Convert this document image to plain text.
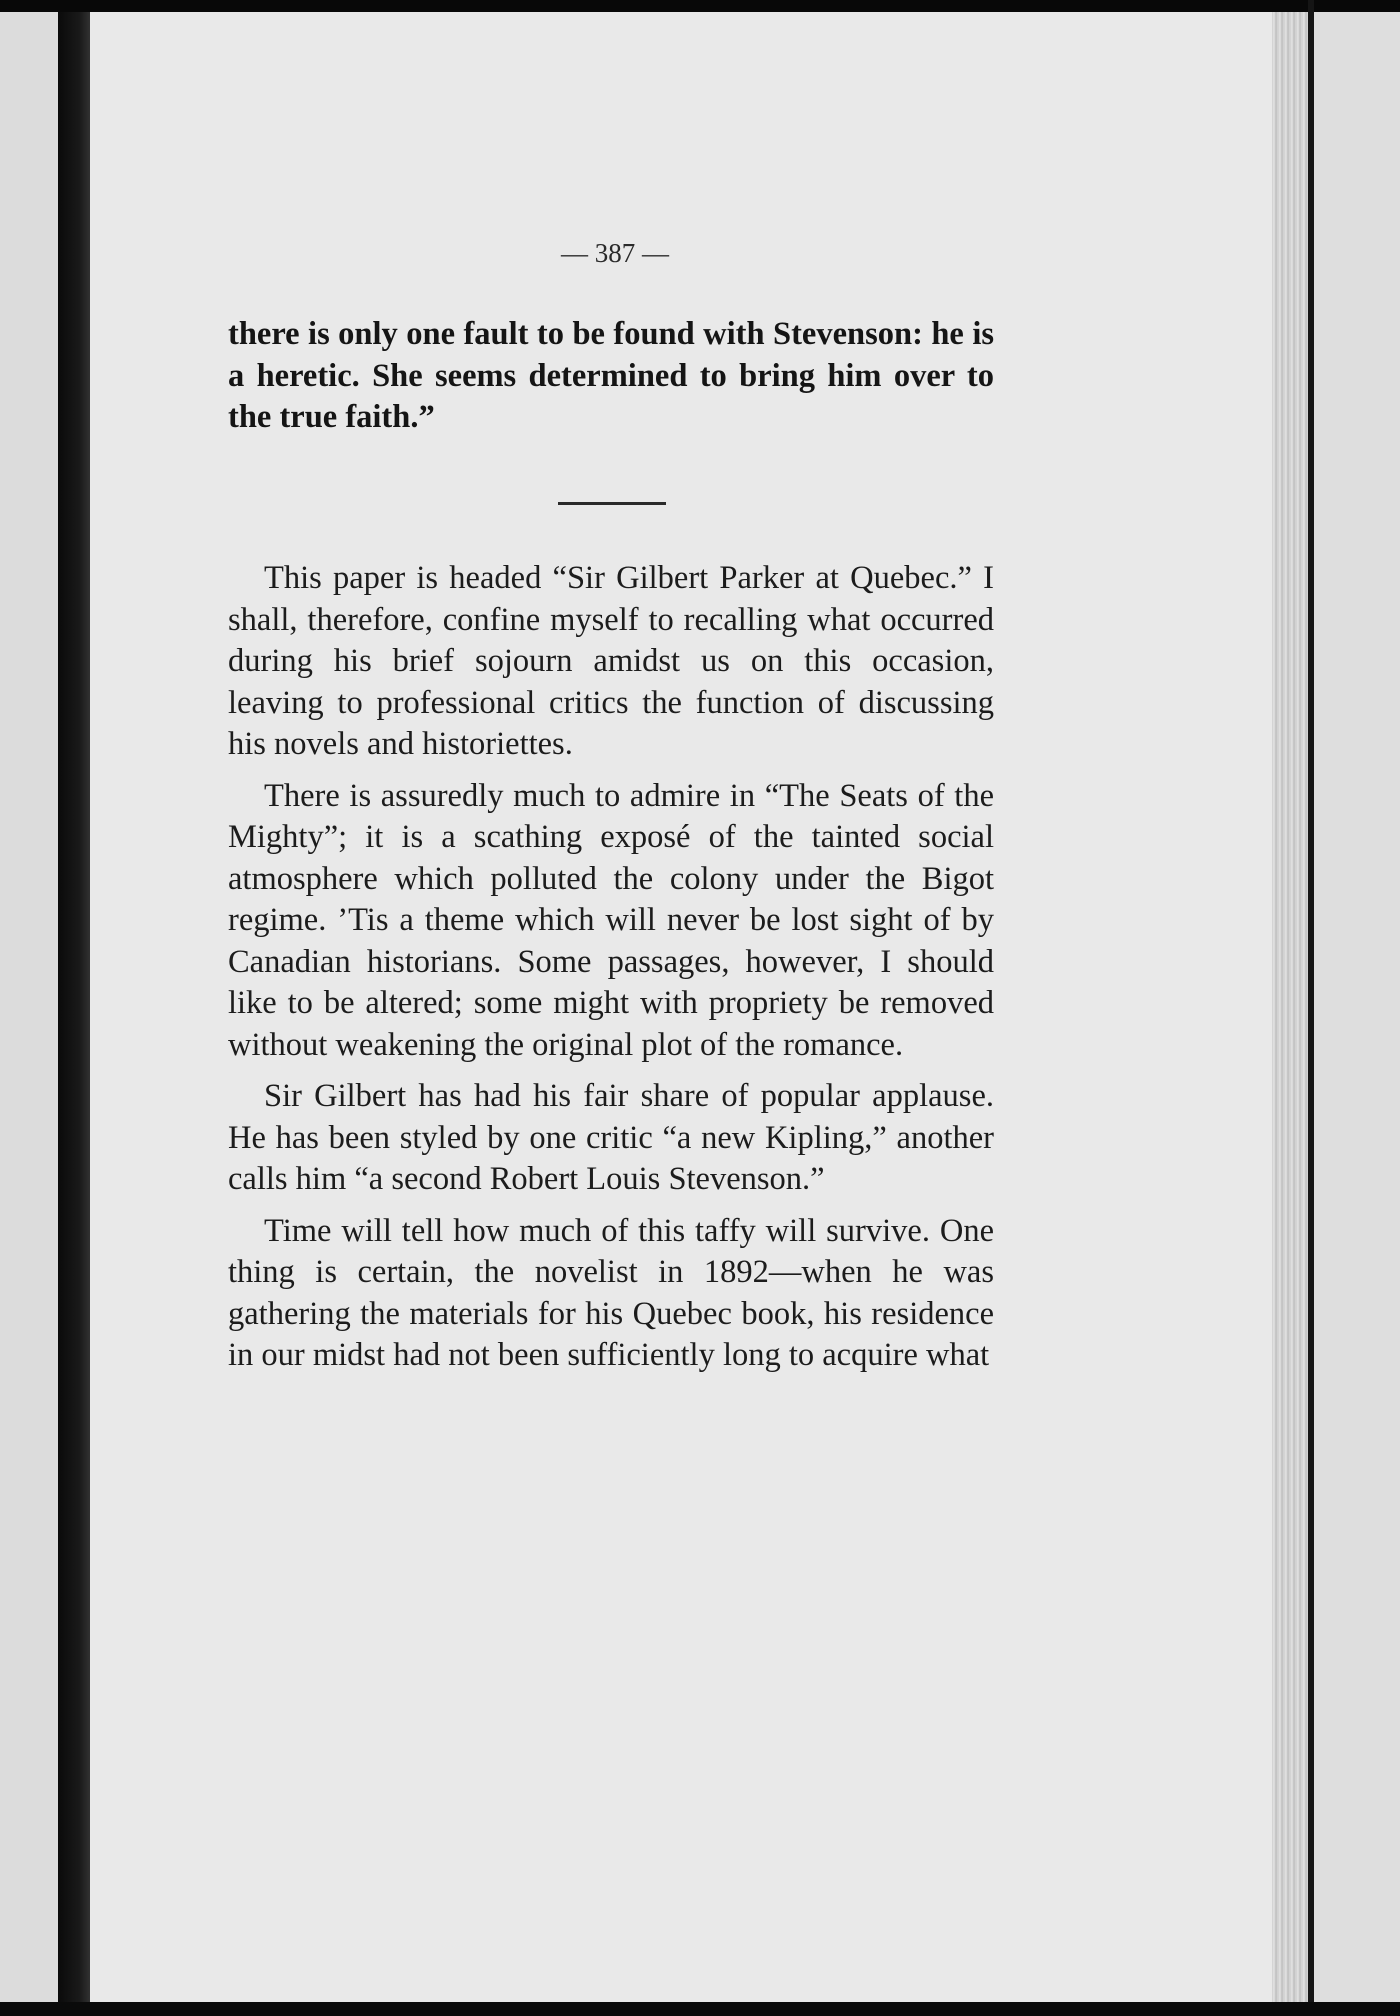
— 387 —

there is only one fault to be found with Stevenson: he is a heretic. She seems determined to bring him over to the true faith.”

This paper is headed “Sir Gilbert Parker at Quebec.” I shall, therefore, confine myself to recalling what occurred during his brief sojourn amidst us on this occasion, leaving to professional critics the function of discussing his novels and historiettes.

There is assuredly much to admire in “The Seats of the Mighty”; it is a scathing exposé of the tainted social atmosphere which polluted the colony under the Bigot regime. ’Tis a theme which will never be lost sight of by Canadian historians. Some passages, however, I should like to be altered; some might with propriety be removed without weakening the original plot of the romance.

Sir Gilbert has had his fair share of popular applause. He has been styled by one critic “a new Kipling,” another calls him “a second Robert Louis Stevenson.”

Time will tell how much of this taffy will survive. One thing is certain, the novelist in 1892—when he was gathering the materials for his Quebec book, his residence in our midst had not been sufficiently long to acquire what
